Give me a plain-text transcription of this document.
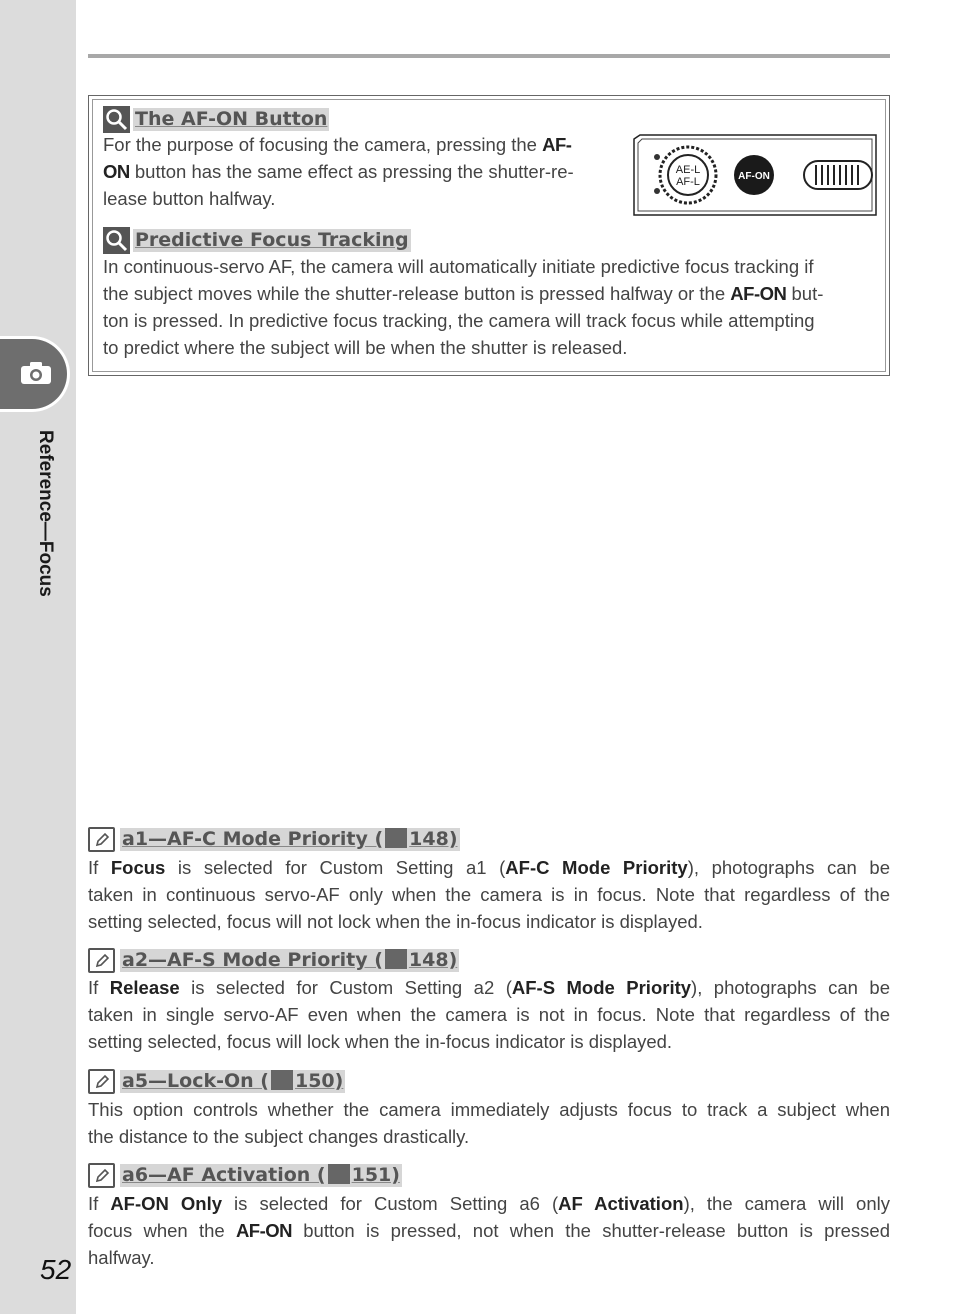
Reference—Focus
52
The AF-ON Button
For the purpose of focusing the camera, pressing the AF-
ON button has the same effect as pressing the shutter-re-
lease button halfway.
AE-L
AF-L	AF-ON
Predictive Focus Tracking
In continuous-servo AF, the camera will automatically initiate predictive focus tracking if
the subject moves while the shutter-release button is pressed halfway or the AF-ON but-
ton is pressed. In predictive focus tracking, the camera will track focus while attempting
to predict where the subject will be when the shutter is released.
a1—AF-C Mode Priority ( 148)
If Focus is selected for Custom Setting a1 (AF-C Mode Priority), photographs can be
taken in continuous servo-AF only when the camera is in focus. Note that regardless of the
setting selected, focus will not lock when the in-focus indicator is displayed.
a2—AF-S Mode Priority ( 148)
If Release is selected for Custom Setting a2 (AF-S Mode Priority), photographs can be
taken in single servo-AF even when the camera is not in focus. Note that regardless of the
setting selected, focus will lock when the in-focus indicator is displayed.
a5—Lock-On ( 150)
This option controls whether the camera immediately adjusts focus to track a subject when
the distance to the subject changes drastically.
a6—AF Activation ( 151)
If AF-ON Only is selected for Custom Setting a6 (AF Activation), the camera will only
focus when the AF-ON button is pressed, not when the shutter-release button is pressed
halfway.
